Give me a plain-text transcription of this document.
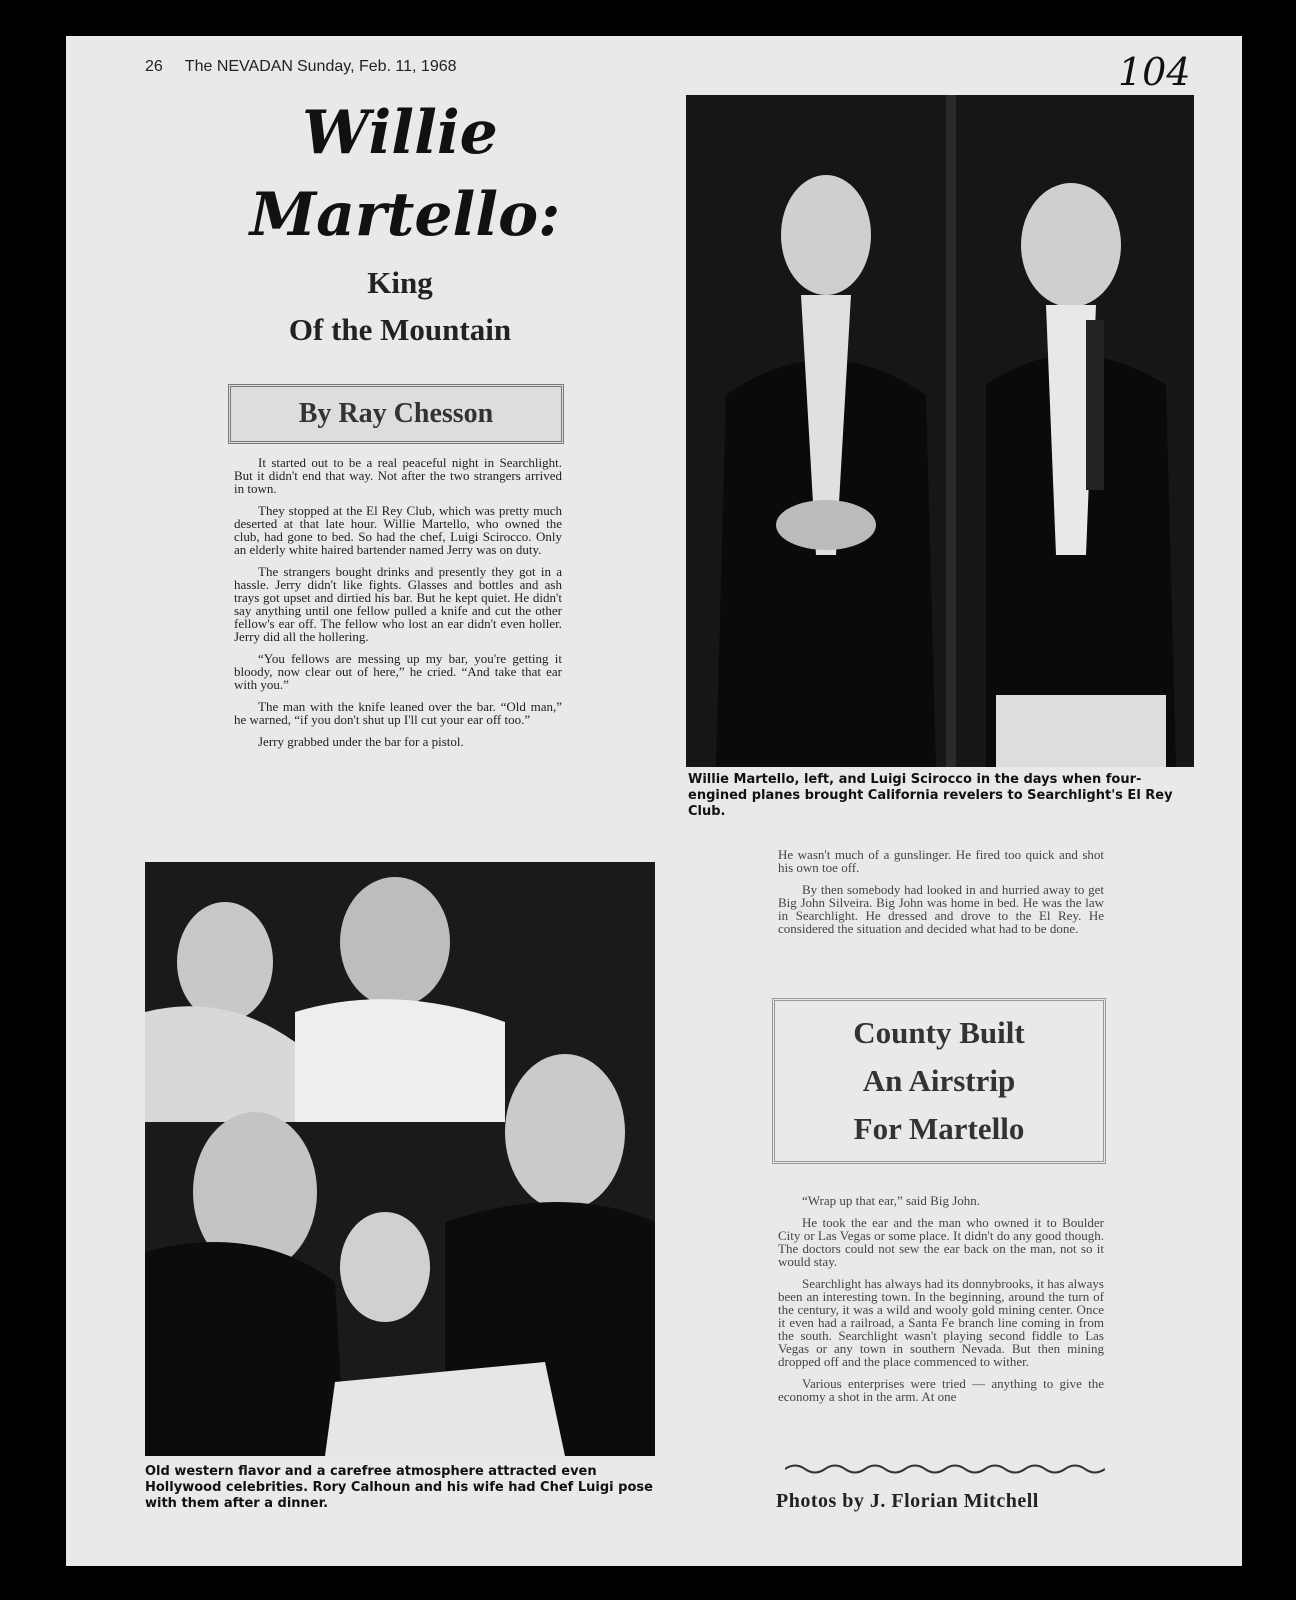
26 The NEVADAN Sunday, Feb. 11, 1968	104
Willie
Martello:
King
Of the Mountain
By Ray Chesson

It started out to be a real peaceful night in Searchlight. But it didn't end that way. Not after the two strangers arrived in town.

They stopped at the El Rey Club, which was pretty much deserted at that late hour. Willie Martello, who owned the club, had gone to bed. So had the chef, Luigi Scirocco. Only an elderly white haired bartender named Jerry was on duty.

The strangers bought drinks and presently they got in a hassle. Jerry didn't like fights. Glasses and bottles and ash trays got upset and dirtied his bar. But he kept quiet. He didn't say anything until one fellow pulled a knife and cut the other fellow's ear off. The fellow who lost an ear didn't even holler. Jerry did all the hollering.

“You fellows are messing up my bar, you're getting it bloody, now clear out of here,” he cried. “And take that ear with you.”

The man with the knife leaned over the bar. “Old man,” he warned, “if you don't shut up I'll cut your ear off too.”

Jerry grabbed under the bar for a pistol.

Willie Martello, left, and Luigi Scirocco in the days when four-engined planes brought California revelers to Searchlight's El Rey Club.

He wasn't much of a gunslinger. He fired too quick and shot his own toe off.

By then somebody had looked in and hurried away to get Big John Silveira. Big John was home in bed. He was the law in Searchlight. He dressed and drove to the El Rey. He considered the situation and decided what had to be done.

County Built
An Airstrip
For Martello

“Wrap up that ear,” said Big John.

He took the ear and the man who owned it to Boulder City or Las Vegas or some place. It didn't do any good though. The doctors could not sew the ear back on the man, not so it would stay.

Searchlight has always had its donnybrooks, it has always been an interesting town. In the beginning, around the turn of the century, it was a wild and wooly gold mining center. Once it even had a railroad, a Santa Fe branch line coming in from the south. Searchlight wasn't playing second fiddle to Las Vegas or any town in southern Nevada. But then mining dropped off and the place commenced to wither.

Various enterprises were tried — anything to give the economy a shot in the arm. At one

Old western flavor and a carefree atmosphere attracted even Hollywood celebrities. Rory Calhoun and his wife had Chef Luigi pose with them after a dinner.	Photos by J. Florian Mitchell
